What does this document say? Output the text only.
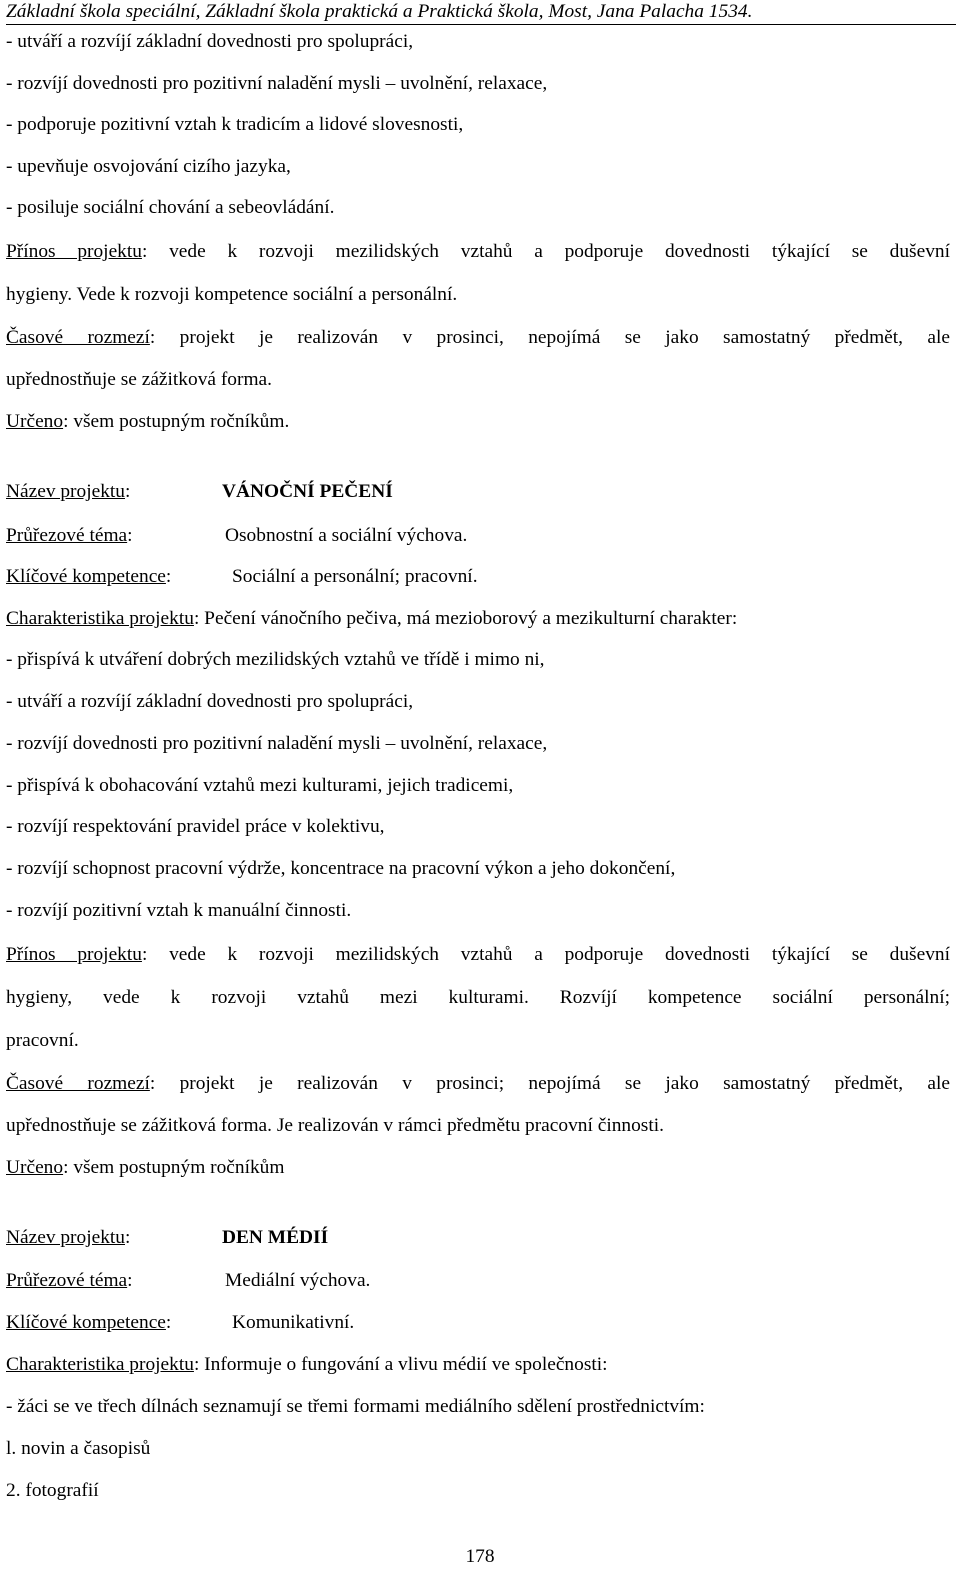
Základní škola speciální, Základní škola praktická a Praktická škola, Most, Jana Palacha 1534.
- utváří a rozvíjí základní dovednosti pro spolupráci,
- rozvíjí dovednosti pro pozitivní naladění mysli – uvolnění, relaxace,
- podporuje pozitivní vztah k tradicím a lidové slovesnosti,
- upevňuje osvojování cizího jazyka,
- posiluje sociální chování a sebeovládání.
Přínos projektu: vede k rozvoji mezilidských vztahů a podporuje dovednosti týkající se duševní
hygieny. Vede k rozvoji kompetence sociální a personální.
Časové rozmezí: projekt je realizován v prosinci, nepojímá se jako samostatný předmět, ale
upřednostňuje se zážitková forma.
Určeno: všem postupným ročníkům.
Název projektu:	VÁNOČNÍ PEČENÍ
Průřezové téma:	Osobnostní a sociální výchova.
Klíčové kompetence:	Sociální a personální; pracovní.
Charakteristika projektu: Pečení vánočního pečiva, má mezioborový a mezikulturní charakter:
- přispívá k utváření dobrých mezilidských vztahů ve třídě i mimo ni,
- utváří a rozvíjí základní dovednosti pro spolupráci,
- rozvíjí dovednosti pro pozitivní naladění mysli – uvolnění, relaxace,
- přispívá k obohacování vztahů mezi kulturami, jejich tradicemi,
- rozvíjí respektování pravidel práce v kolektivu,
- rozvíjí schopnost pracovní výdrže, koncentrace na pracovní výkon a jeho dokončení,
- rozvíjí pozitivní vztah k manuální činnosti.
Přínos projektu: vede k rozvoji mezilidských vztahů a podporuje dovednosti týkající se duševní
hygieny, vede k rozvoji vztahů mezi kulturami. Rozvíjí kompetence sociální personální;
pracovní.
Časové rozmezí: projekt je realizován v prosinci; nepojímá se jako samostatný předmět, ale
upřednostňuje se zážitková forma. Je realizován v rámci předmětu pracovní činnosti.
Určeno: všem postupným ročníkům
Název projektu:	DEN MÉDIÍ
Průřezové téma:	Mediální výchova.
Klíčové kompetence:	Komunikativní.
Charakteristika projektu: Informuje o fungování a vlivu médií ve společnosti:
- žáci se ve třech dílnách seznamují se třemi formami mediálního sdělení prostřednictvím:
l. novin a časopisů
2. fotografií
178
